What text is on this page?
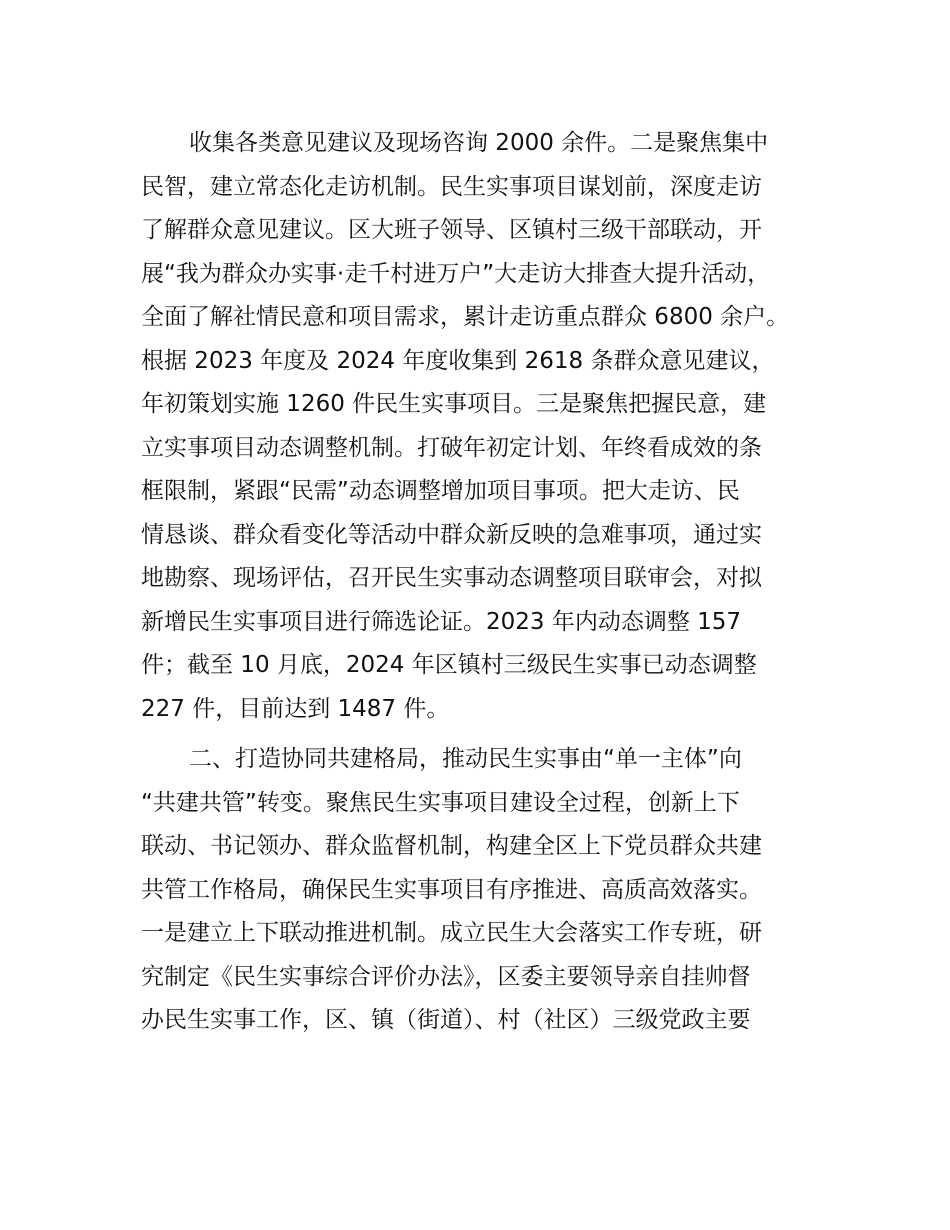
收集各类意见建议及现场咨询 2000 余件。二是聚焦集中
民智，建立常态化走访机制。民生实事项目谋划前，深度走访
了解群众意见建议。区大班子领导、区镇村三级干部联动，开
展“我为群众办实事·走千村进万户”大走访大排查大提升活动，
全面了解社情民意和项目需求，累计走访重点群众 6800 余户。
根据 2023 年度及 2024 年度收集到 2618 条群众意见建议，
年初策划实施 1260 件民生实事项目。三是聚焦把握民意，建
立实事项目动态调整机制。打破年初定计划、年终看成效的条
框限制，紧跟“民需”动态调整增加项目事项。把大走访、民
情恳谈、群众看变化等活动中群众新反映的急难事项，通过实
地勘察、现场评估，召开民生实事动态调整项目联审会，对拟
新增民生实事项目进行筛选论证。2023 年内动态调整 157
件；截至 10 月底，2024 年区镇村三级民生实事已动态调整
227 件，目前达到 1487 件。
二、打造协同共建格局，推动民生实事由“单一主体”向
“共建共管”转变。聚焦民生实事项目建设全过程，创新上下
联动、书记领办、群众监督机制，构建全区上下党员群众共建
共管工作格局，确保民生实事项目有序推进、高质高效落实。
一是建立上下联动推进机制。成立民生大会落实工作专班，研
究制定《民生实事综合评价办法》，区委主要领导亲自挂帅督
办民生实事工作，区、镇（街道）、村（社区）三级党政主要
